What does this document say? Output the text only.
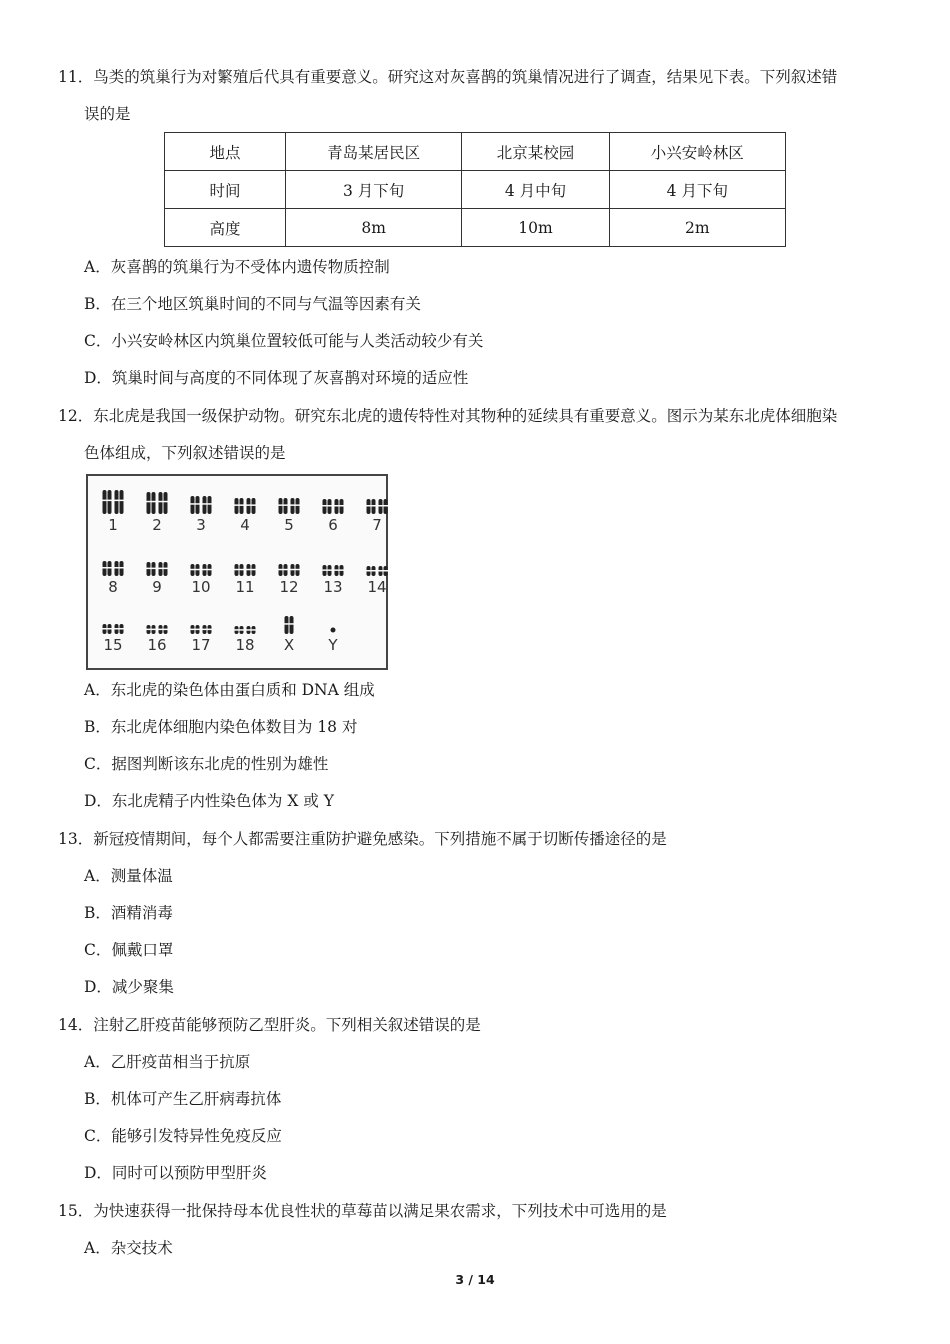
11．鸟类的筑巢行为对繁殖后代具有重要意义。研究这对灰喜鹊的筑巢情况进行了调查，结果见下表。下列叙述错
误的是
地点	青岛某居民区	北京某校园	小兴安岭林区
时间	3 月下旬	4 月中旬	4 月下旬
高度	8m	10m	2m
A．灰喜鹊的筑巢行为不受体内遗传物质控制
B．在三个地区筑巢时间的不同与气温等因素有关
C．小兴安岭林区内筑巢位置较低可能与人类活动较少有关
D．筑巢时间与高度的不同体现了灰喜鹊对环境的适应性
12．东北虎是我国一级保护动物。研究东北虎的遗传特性对其物种的延续具有重要意义。图示为某东北虎体细胞染
色体组成，下列叙述错误的是
1	2	3	4	5	6	7
8	9	10	11	12	13	14
15	16	17	18	X	Y
A．东北虎的染色体由蛋白质和 DNA 组成
B．东北虎体细胞内染色体数目为 18 对
C．据图判断该东北虎的性别为雄性
D．东北虎精子内性染色体为 X 或 Y
13．新冠疫情期间，每个人都需要注重防护避免感染。下列措施不属于切断传播途径的是
A．测量体温
B．酒精消毒
C．佩戴口罩
D．减少聚集
14．注射乙肝疫苗能够预防乙型肝炎。下列相关叙述错误的是
A．乙肝疫苗相当于抗原
B．机体可产生乙肝病毒抗体
C．能够引发特异性免疫反应
D．同时可以预防甲型肝炎
15．为快速获得一批保持母本优良性状的草莓苗以满足果农需求，下列技术中可选用的是
A．杂交技术
3 / 14
